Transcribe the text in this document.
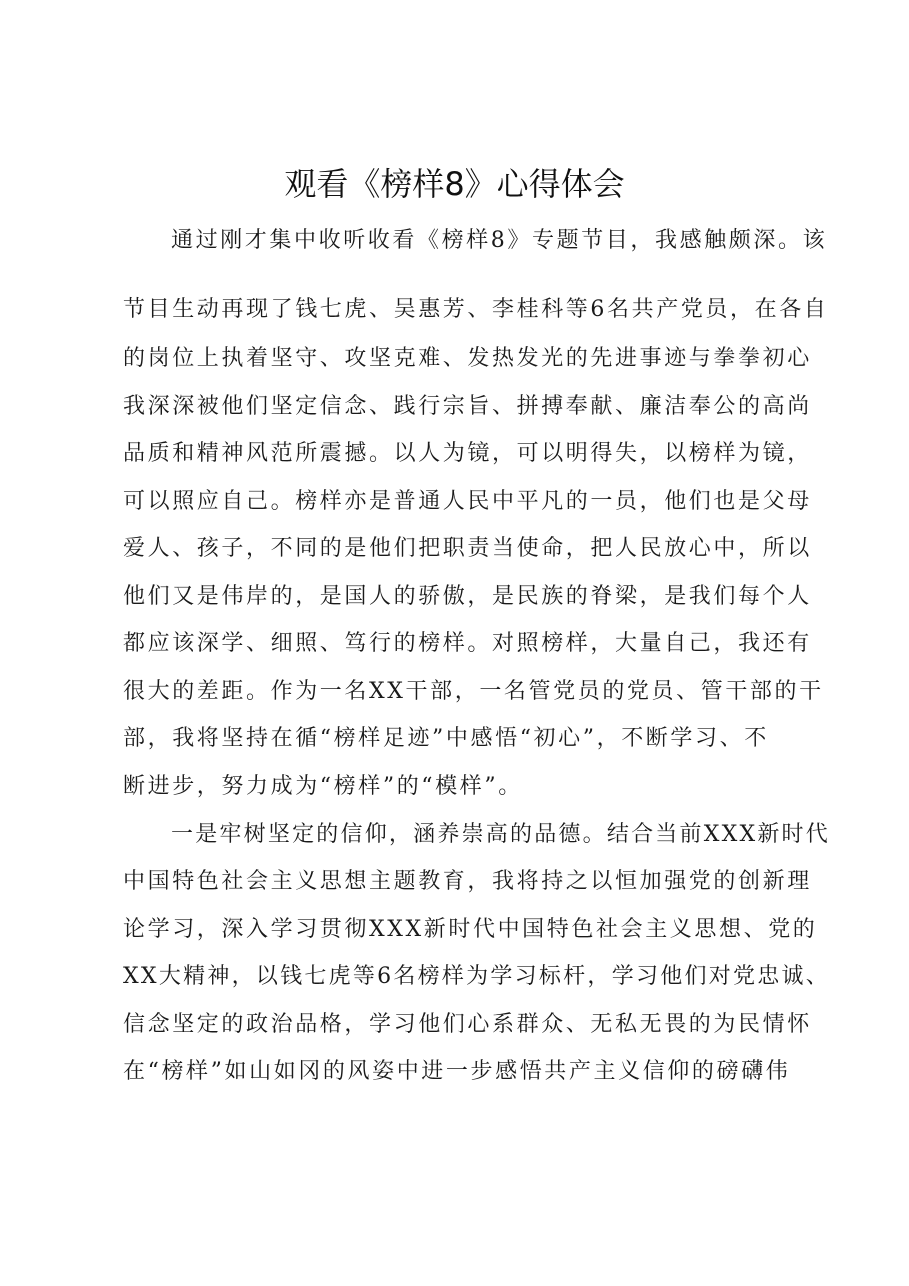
观看《榜样8》心得体会
通过刚才集中收听收看《榜样8》专题节目，我感触颇深。该
节目生动再现了钱七虎、吴惠芳、李桂科等6名共产党员，在各自
的岗位上执着坚守、攻坚克难、发热发光的先进事迹与拳拳初心
我深深被他们坚定信念、践行宗旨、拼搏奉献、廉洁奉公的高尚
品质和精神风范所震撼。以人为镜，可以明得失，以榜样为镜，
可以照应自己。榜样亦是普通人民中平凡的一员，他们也是父母
爱人、孩子，不同的是他们把职责当使命，把人民放心中，所以
他们又是伟岸的，是国人的骄傲，是民族的脊梁，是我们每个人
都应该深学、细照、笃行的榜样。对照榜样，大量自己，我还有
很大的差距。作为一名XX干部，一名管党员的党员、管干部的干
部，我将坚持在循“榜样足迹”中感悟“初心”，不断学习、不
断进步，努力成为“榜样”的“模样”。
一是牢树坚定的信仰，涵养崇高的品德。结合当前XXX新时代
中国特色社会主义思想主题教育，我将持之以恒加强党的创新理
论学习，深入学习贯彻XXX新时代中国特色社会主义思想、党的
XX大精神，以钱七虎等6名榜样为学习标杆，学习他们对党忠诚、
信念坚定的政治品格，学习他们心系群众、无私无畏的为民情怀
在“榜样”如山如冈的风姿中进一步感悟共产主义信仰的磅礴伟
